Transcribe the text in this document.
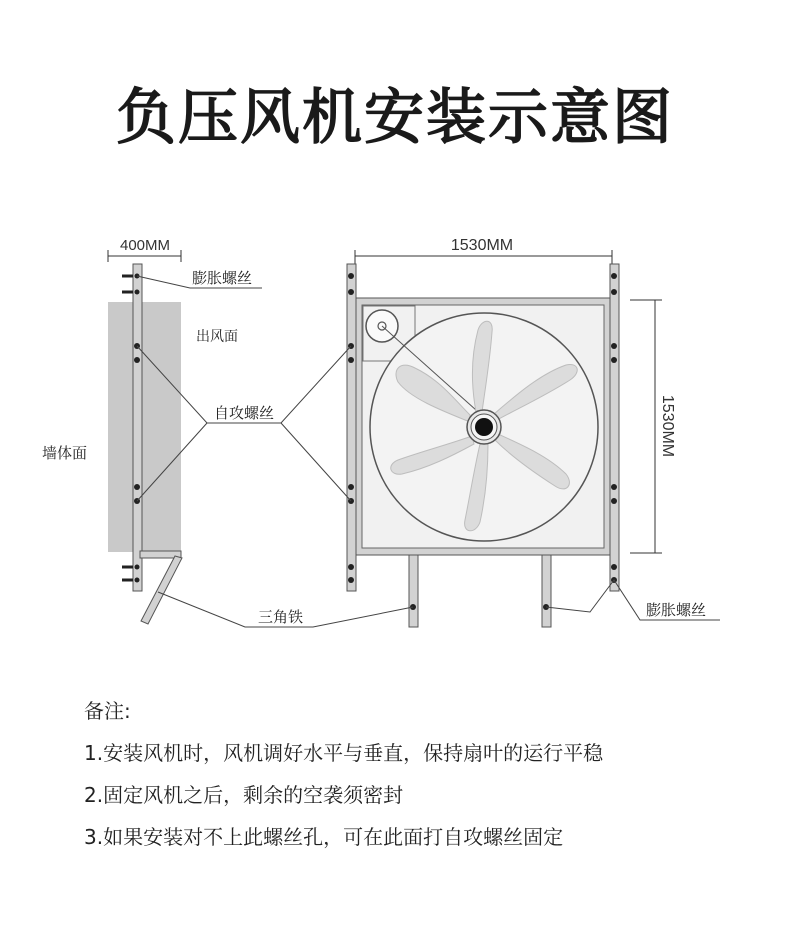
负压风机安装示意图
400MM	1530MM
1530MM
膨胀螺丝
出风面
自攻螺丝
墙体面
三角铁	膨胀螺丝
备注:
1.安装风机时，风机调好水平与垂直，保持扇叶的运行平稳
2.固定风机之后，剩余的空袭须密封
3.如果安装对不上此螺丝孔，可在此面打自攻螺丝固定
